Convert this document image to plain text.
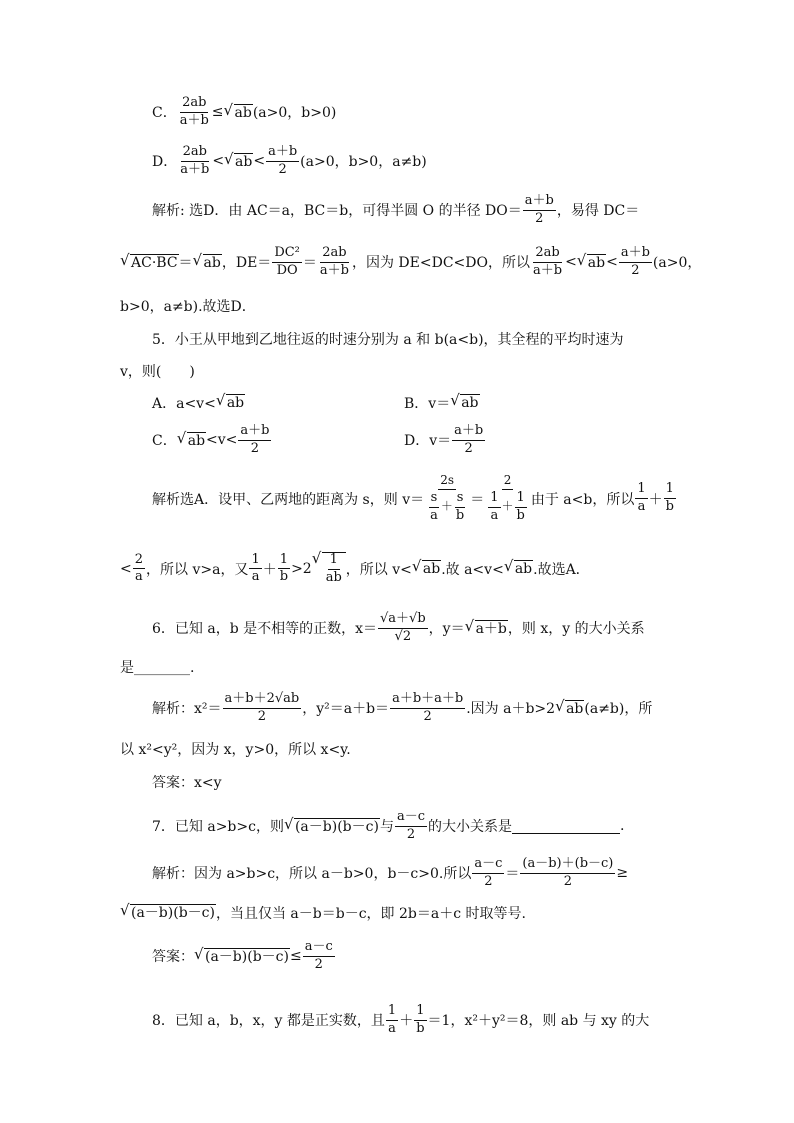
C． $\frac{2ab}{a+b}$ ≤ √ ab (a>0，b>0)
D． $\frac{2ab}{a+b}$ < √ ab < $\frac{a+b}{2} (a>0$，b>0，a≠b)
解析: 选D．由 AC＝a，BC＝b，可得半圆 O 的半径 $DO= \frac{a+b}{2}$ ，易得 DC＝
√ AC·BC ＝ √ ab ，$DE= \frac{\text{DC²}}{DO} = \frac{2ab}{a+b}$ ，因为 DE<DC<DO，所以 $\frac{2ab}{a+b}$ < √ ab < $\frac{a+b}{2} (a>0$，
b>0，a≠b).故选D．
5．小王从甲地到乙地往返的时速分别为 a 和 b(a<b)，其全程的平均时速为
v，则(　　)
A．a<v< √ ab	B．v＝ √ ab
C． √ ab $<v< \frac{a+b}{2}$	D．$v= \frac{a+b}{2}$
解析选A．设甲、乙两地的距离为 s，则 $v= \frac{2s}{\frac{s}{a} + \frac{s}{b}} = \frac{2}{\frac{1}{a} + \frac{1}{b}}$ 由于 a<b，所以 $\frac{1}{a} + \frac{1}{b}$
< $\frac{2}{a}$ ，所以 v>a，又 $\frac{1}{a} + \frac{1}{b} >2$ √ $\frac{1}{ab}$ ，所以 v< √ ab .故 a<v< √ ab .故选A．
6．已知 a，b 是不相等的正数，$x= \frac{√a+√b}{√2}$ ，y＝ √ a＋b ，则 x，y 的大小关系
是________.
解析：$x^2= \frac{a+b+2√ab}{2}$ ，$y^2=a+b= \frac{a+b+a+b}{2}$ .因为 a＋b>2 √ ab (a≠b)，所
以 x²<y²，因为 x，y>0，所以 x<y.
答案：x<y
7．已知 a>b>c，则 √ (a－b)(b－c) 与 $\frac{a-c}{2}$ 的大小关系是	.
解析：因为 a>b>c，所以 a－b>0，b－c>0.所以 $\frac{a-c}{2} = \frac{(a-b)+(b-c)}{2}$ ≥
√ (a－b)(b－c) ，当且仅当 a－b＝b－c，即 2b＝a＋c 时取等号.
答案： √ $(a-b)(b-c) \le \frac{a-c}{2}$
8．已知 a，b，x，y 都是正实数，且 $\frac{1}{a} + \frac{1}{b} =1$，x²＋y²＝8，则 ab 与 xy 的大
